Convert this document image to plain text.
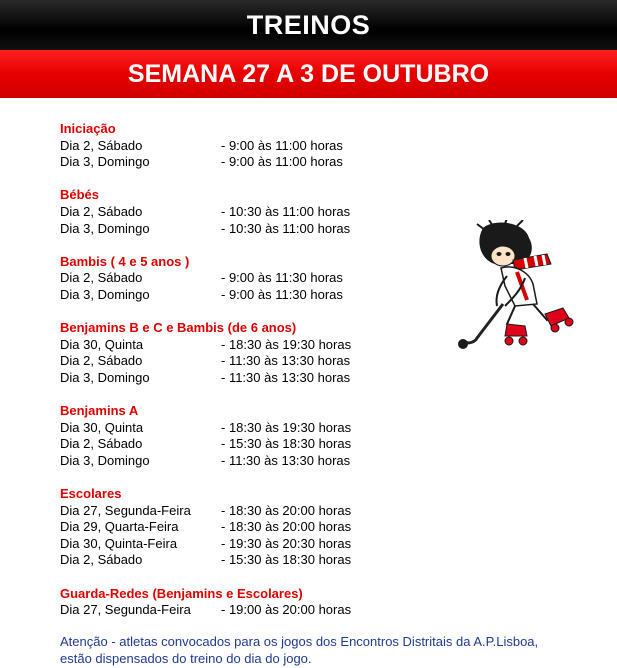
TREINOS
SEMANA 27 A 3 DE OUTUBRO
Iniciação
Dia 2, Sábado	- 9:00 às 11:00 horas
Dia 3, Domingo	- 9:00 às 11:00 horas
Bébés
Dia 2, Sábado	- 10:30 às 11:00 horas
Dia 3, Domingo	- 10:30 às 11:00 horas
Bambis ( 4 e 5 anos )
Dia 2, Sábado	- 9:00 às 11:30 horas
Dia 3, Domingo	- 9:00 às 11:30 horas
Benjamins B e C e Bambis (de 6 anos)
Dia 30, Quinta	- 18:30 às 19:30 horas
Dia 2, Sábado	- 11:30 às 13:30 horas
Dia 3, Domingo	- 11:30 às 13:30 horas
Benjamins A
Dia 30, Quinta	- 18:30 às 19:30 horas
Dia 2, Sábado	- 15:30 às 18:30 horas
Dia 3, Domingo	- 11:30 às 13:30 horas
Escolares
Dia 27, Segunda-Feira	- 18:30 às 20:00 horas
Dia 29, Quarta-Feira	- 18:30 às 20:00 horas
Dia 30, Quinta-Feira	- 19:30 às 20:30 horas
Dia 2, Sábado	- 15:30 às 18:30 horas
Guarda-Redes (Benjamins e Escolares)
Dia 27, Segunda-Feira	- 19:00 às 20:00 horas
Atenção - atletas convocados para os jogos dos Encontros Distritais da A.P.Lisboa,
estão dispensados do treino do dia do jogo.
